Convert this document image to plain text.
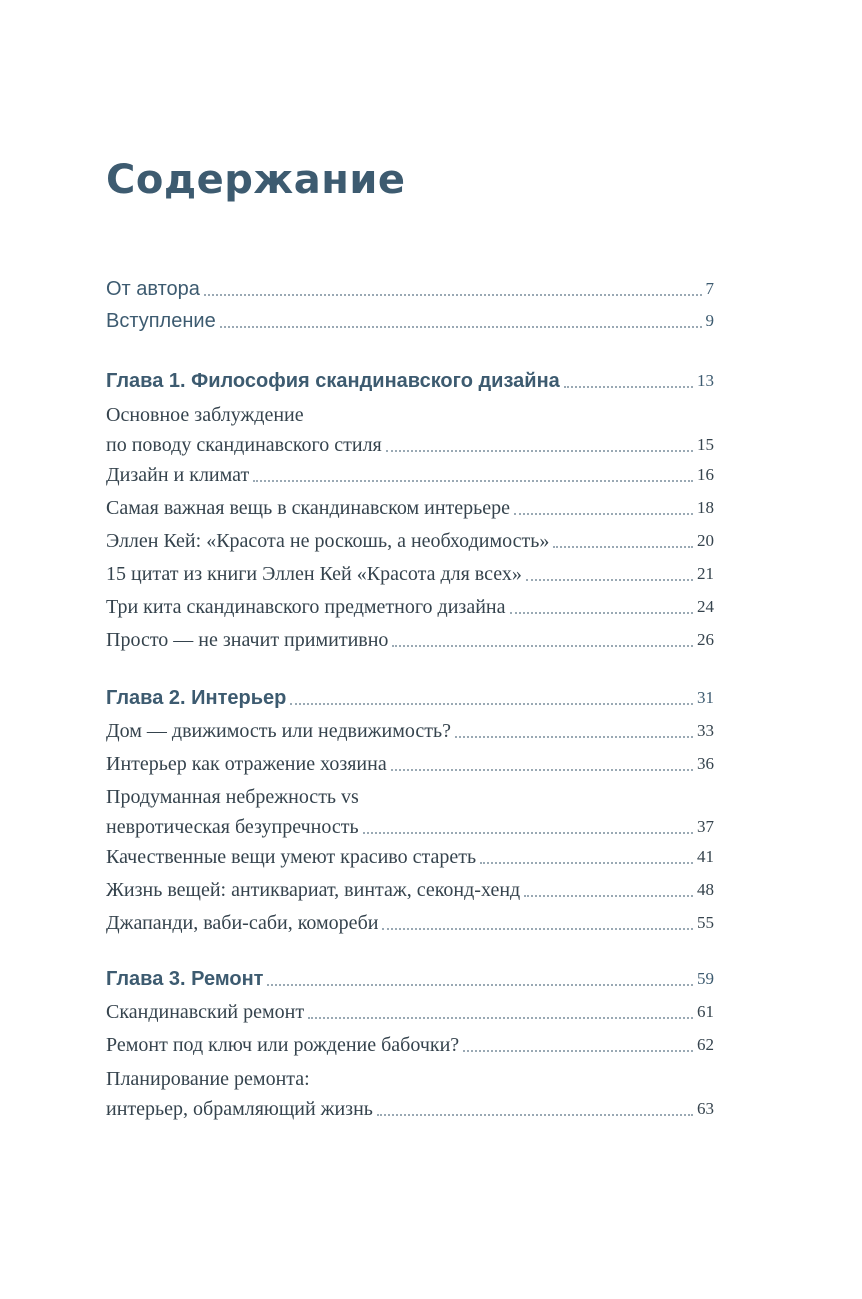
Содержание
От автора	7
Вступление	9
Глава 1. Философия скандинавского дизайна	13
Основное заблуждение
по поводу скандинавского стиля	15
Дизайн и климат	16
Самая важная вещь в скандинавском интерьере	18
Эллен Кей: «Красота не роскошь, а необходимость»	20
15 цитат из книги Эллен Кей «Красота для всех»	21
Три кита скандинавского предметного дизайна	24
Просто — не значит примитивно	26
Глава 2. Интерьер	31
Дом — движимость или недвижимость?	33
Интерьер как отражение хозяина	36
Продуманная небрежность vs
невротическая безупречность	37
Качественные вещи умеют красиво стареть	41
Жизнь вещей: антиквариат, винтаж, секонд-хенд	48
Джапанди, ваби-саби, комореби	55
Глава 3. Ремонт	59
Скандинавский ремонт	61
Ремонт под ключ или рождение бабочки?	62
Планирование ремонта:
интерьер, обрамляющий жизнь	63
